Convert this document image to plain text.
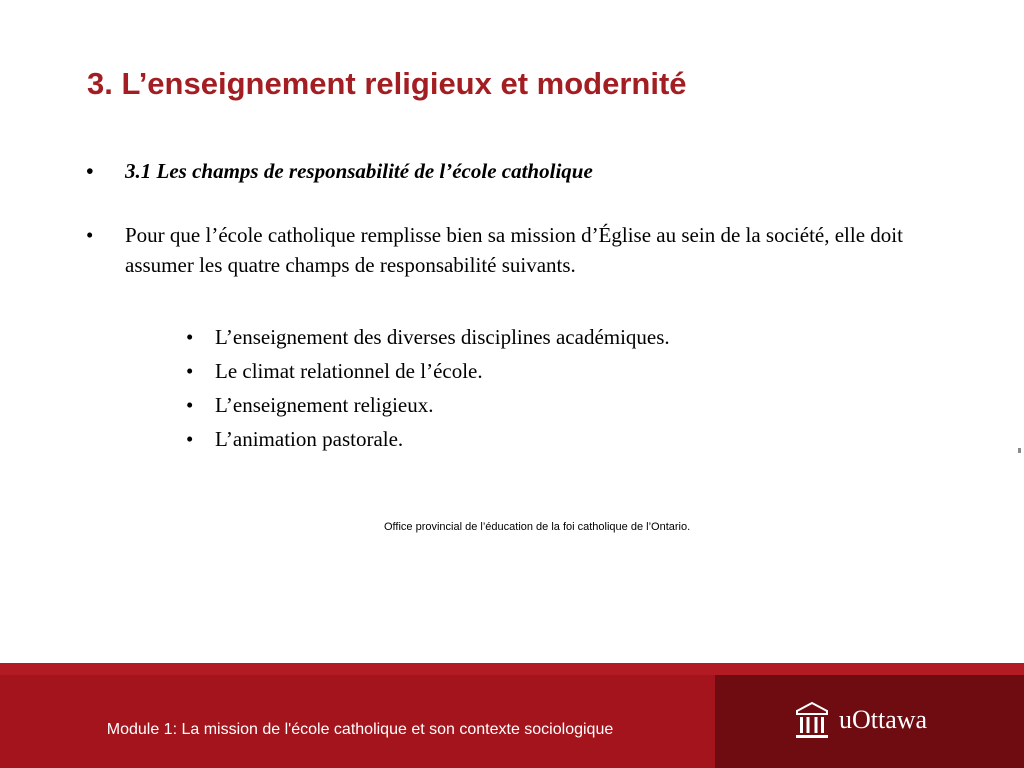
3. L’enseignement religieux et modernité
• 3.1 Les champs de responsabilité de l’école catholique
• Pour que l’école catholique remplisse bien sa mission d’Église au sein de la société, elle doit assumer les quatre champs de responsabilité suivants.
• L’enseignement des diverses disciplines académiques.
• Le climat relationnel de l’école.
• L’enseignement religieux.
• L’animation pastorale.
Office provincial de l’éducation de la foi catholique de l’Ontario.
Module 1: La mission de l'école catholique et son contexte sociologique	uOttawa
